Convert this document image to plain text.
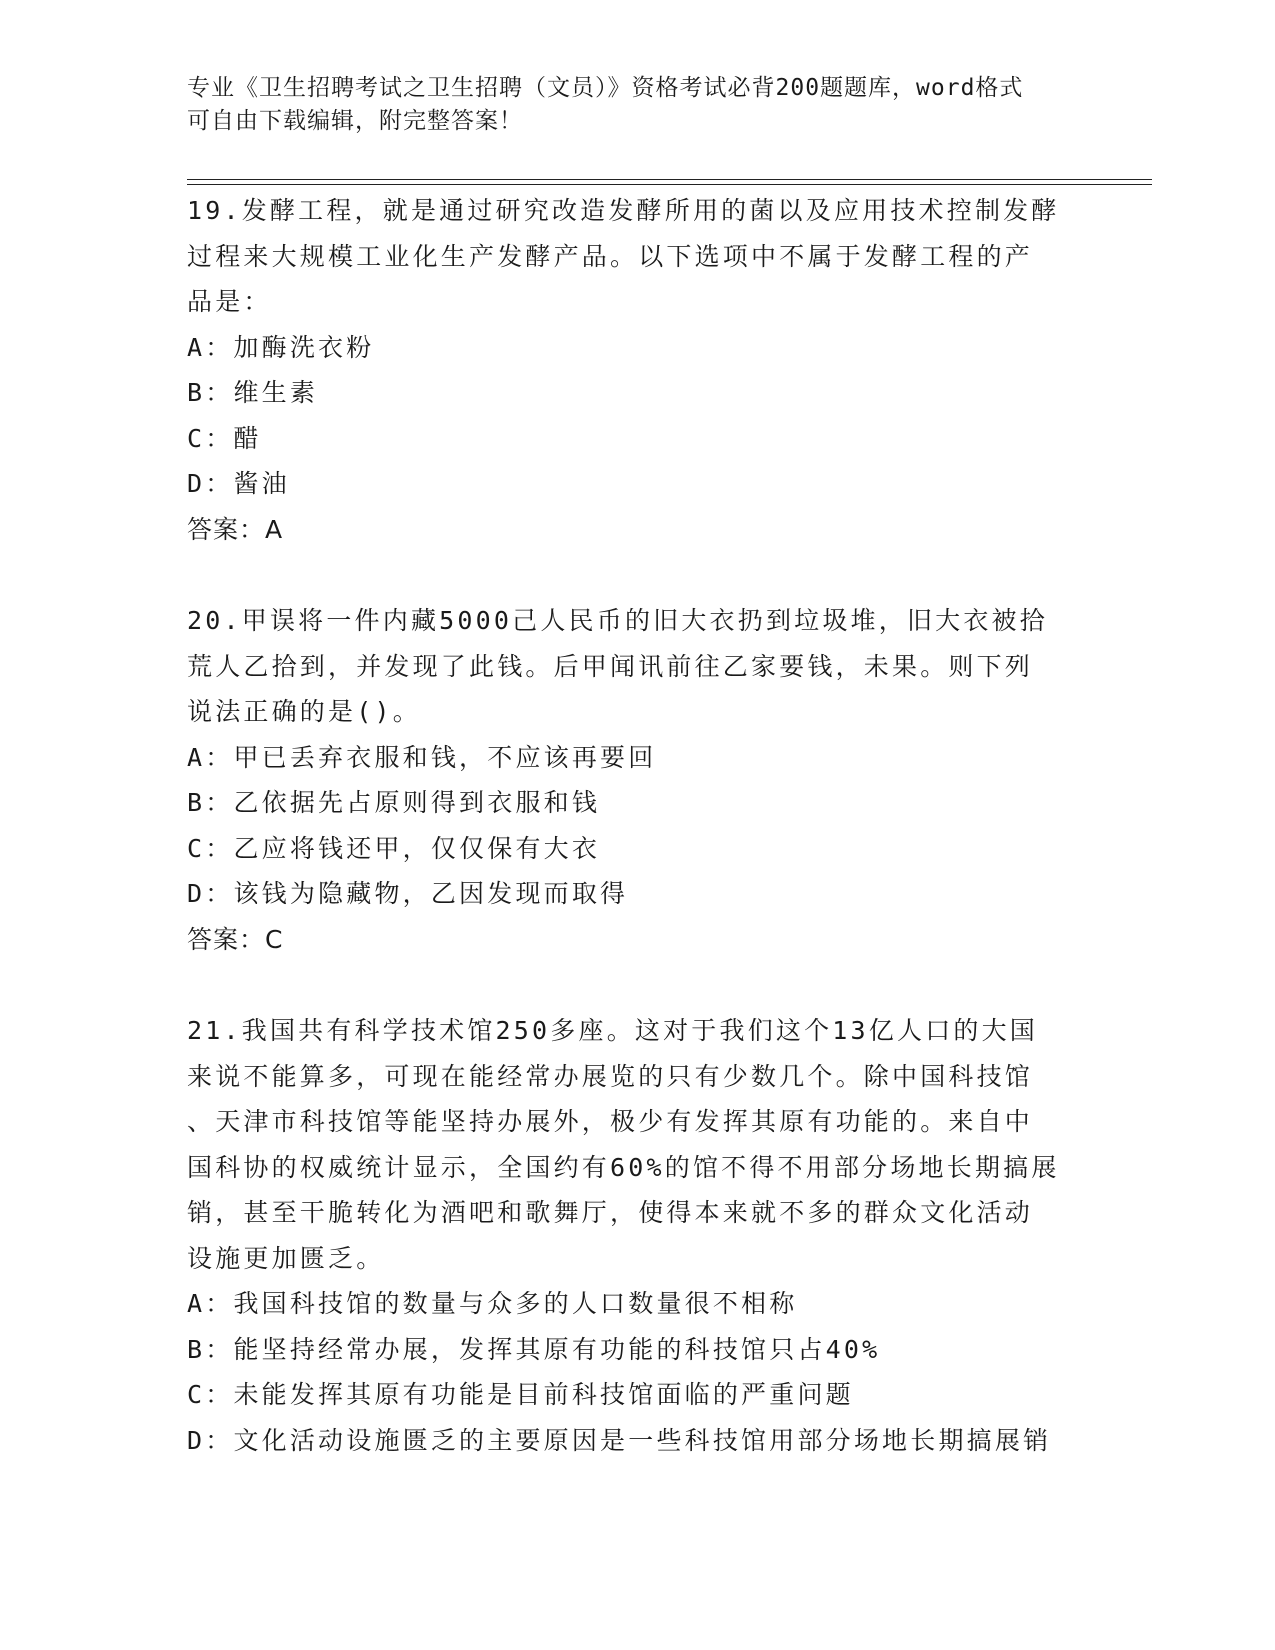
专业《卫生招聘考试之卫生招聘（文员）》资格考试必背200题题库，word格式
可自由下载编辑，附完整答案！
19.发酵工程，就是通过研究改造发酵所用的菌以及应用技术控制发酵
过程来大规模工业化生产发酵产品。以下选项中不属于发酵工程的产
品是：
A：加酶洗衣粉
B：维生素
C：醋
D：酱油
答案：A
20.甲误将一件内藏5000己人民币的旧大衣扔到垃圾堆，旧大衣被拾
荒人乙拾到，并发现了此钱。后甲闻讯前往乙家要钱，未果。则下列
说法正确的是()。
A：甲已丢弃衣服和钱，不应该再要回
B：乙依据先占原则得到衣服和钱
C：乙应将钱还甲，仅仅保有大衣
D：该钱为隐藏物，乙因发现而取得
答案：C
21.我国共有科学技术馆250多座。这对于我们这个13亿人口的大国
来说不能算多，可现在能经常办展览的只有少数几个。除中国科技馆
、天津市科技馆等能坚持办展外，极少有发挥其原有功能的。来自中
国科协的权威统计显示，全国约有60%的馆不得不用部分场地长期搞展
销，甚至干脆转化为酒吧和歌舞厅，使得本来就不多的群众文化活动
设施更加匮乏。
A：我国科技馆的数量与众多的人口数量很不相称
B：能坚持经常办展，发挥其原有功能的科技馆只占40%
C：未能发挥其原有功能是目前科技馆面临的严重问题
D：文化活动设施匮乏的主要原因是一些科技馆用部分场地长期搞展销
